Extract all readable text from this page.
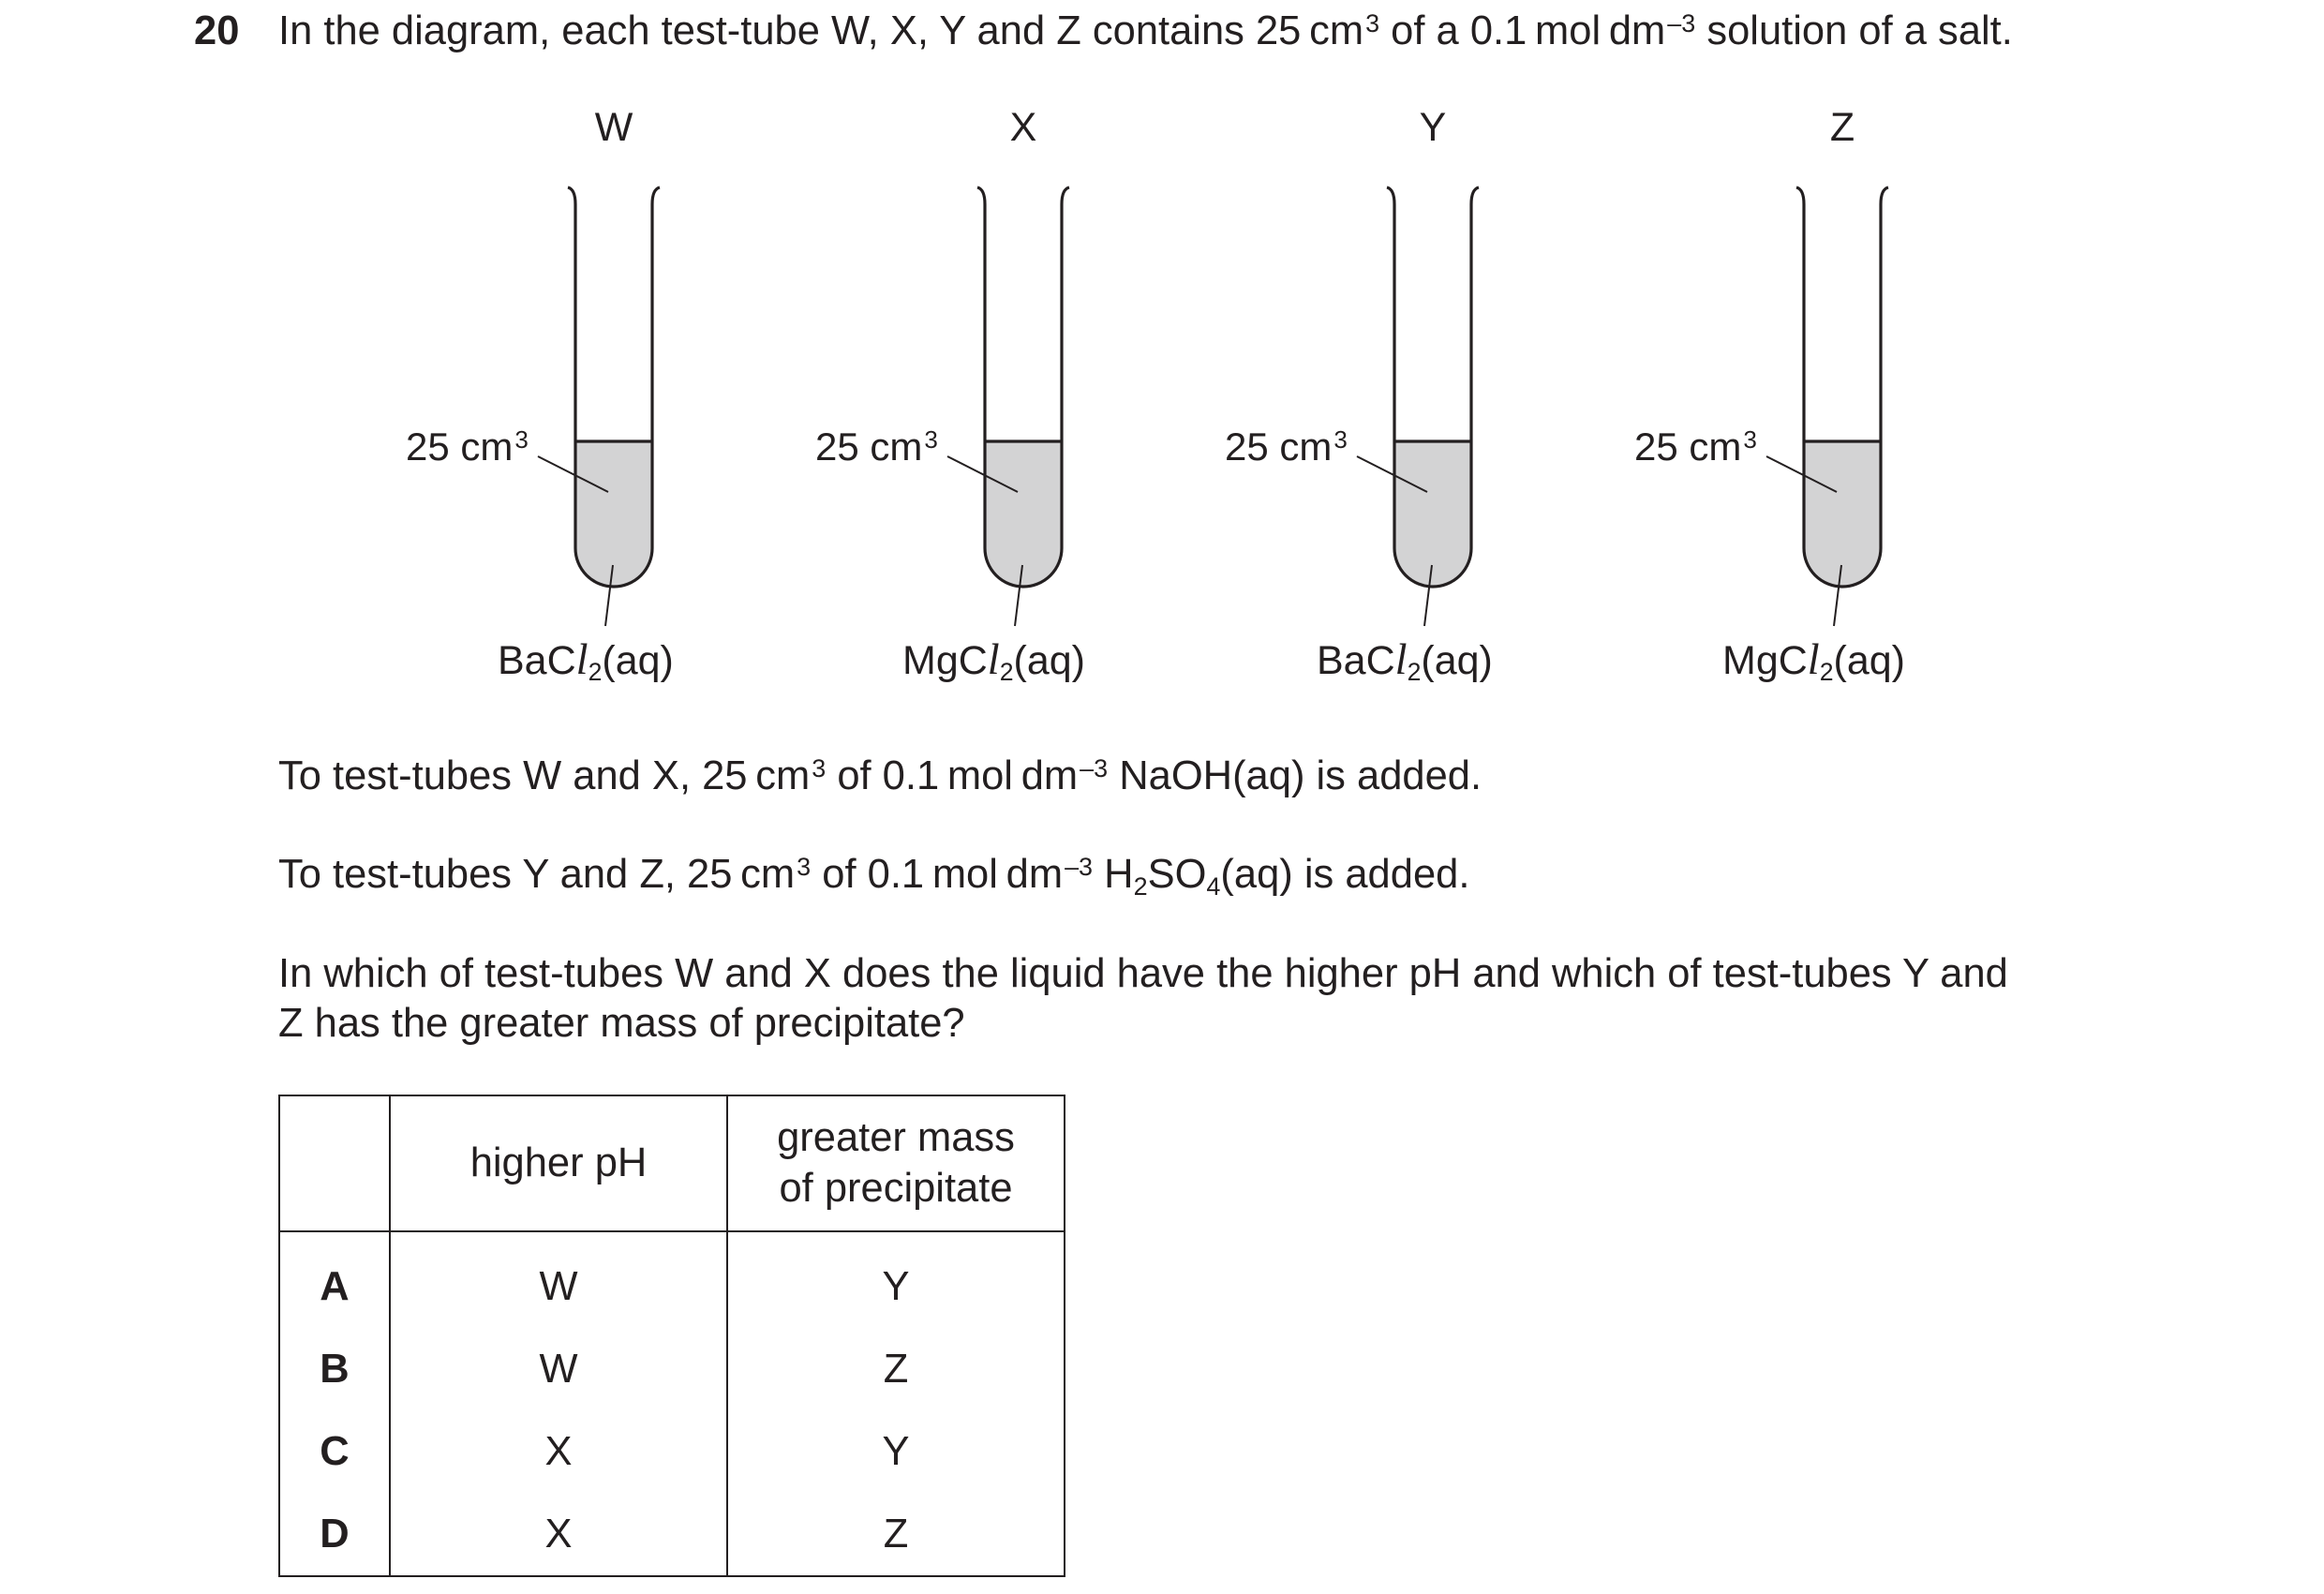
20 In the diagram, each test-tube W, X, Y and Z contains 25  $cm^3$ of a 0.1  mol  $dm^{-3}$ solution of a salt.
W	X	Y	Z
25 $cm^3$	25 $cm^3$	25 $cm^3$	25 $cm^3$
BaCl$_2$(aq)	MgCl$_2$(aq)	BaCl$_2$(aq)	MgCl$_2$(aq)
To test-tubes W and X, 25  $cm^3$ of 0.1  mol  $dm^{-3}$ NaOH(aq) is added.
To test-tubes Y and Z, 25  $cm^3$ of 0.1  mol  $dm^{-3}$ $H_2SO_4(aq)$ is added.
In which of test-tubes W and X does the liquid have the higher pH and which of test-tubes Y and
Z has the greater mass of precipitate?
	higher pH	greater mass
of precipitate
A	W	Y
B	W	Z
C	X	Y
D	X	Z
